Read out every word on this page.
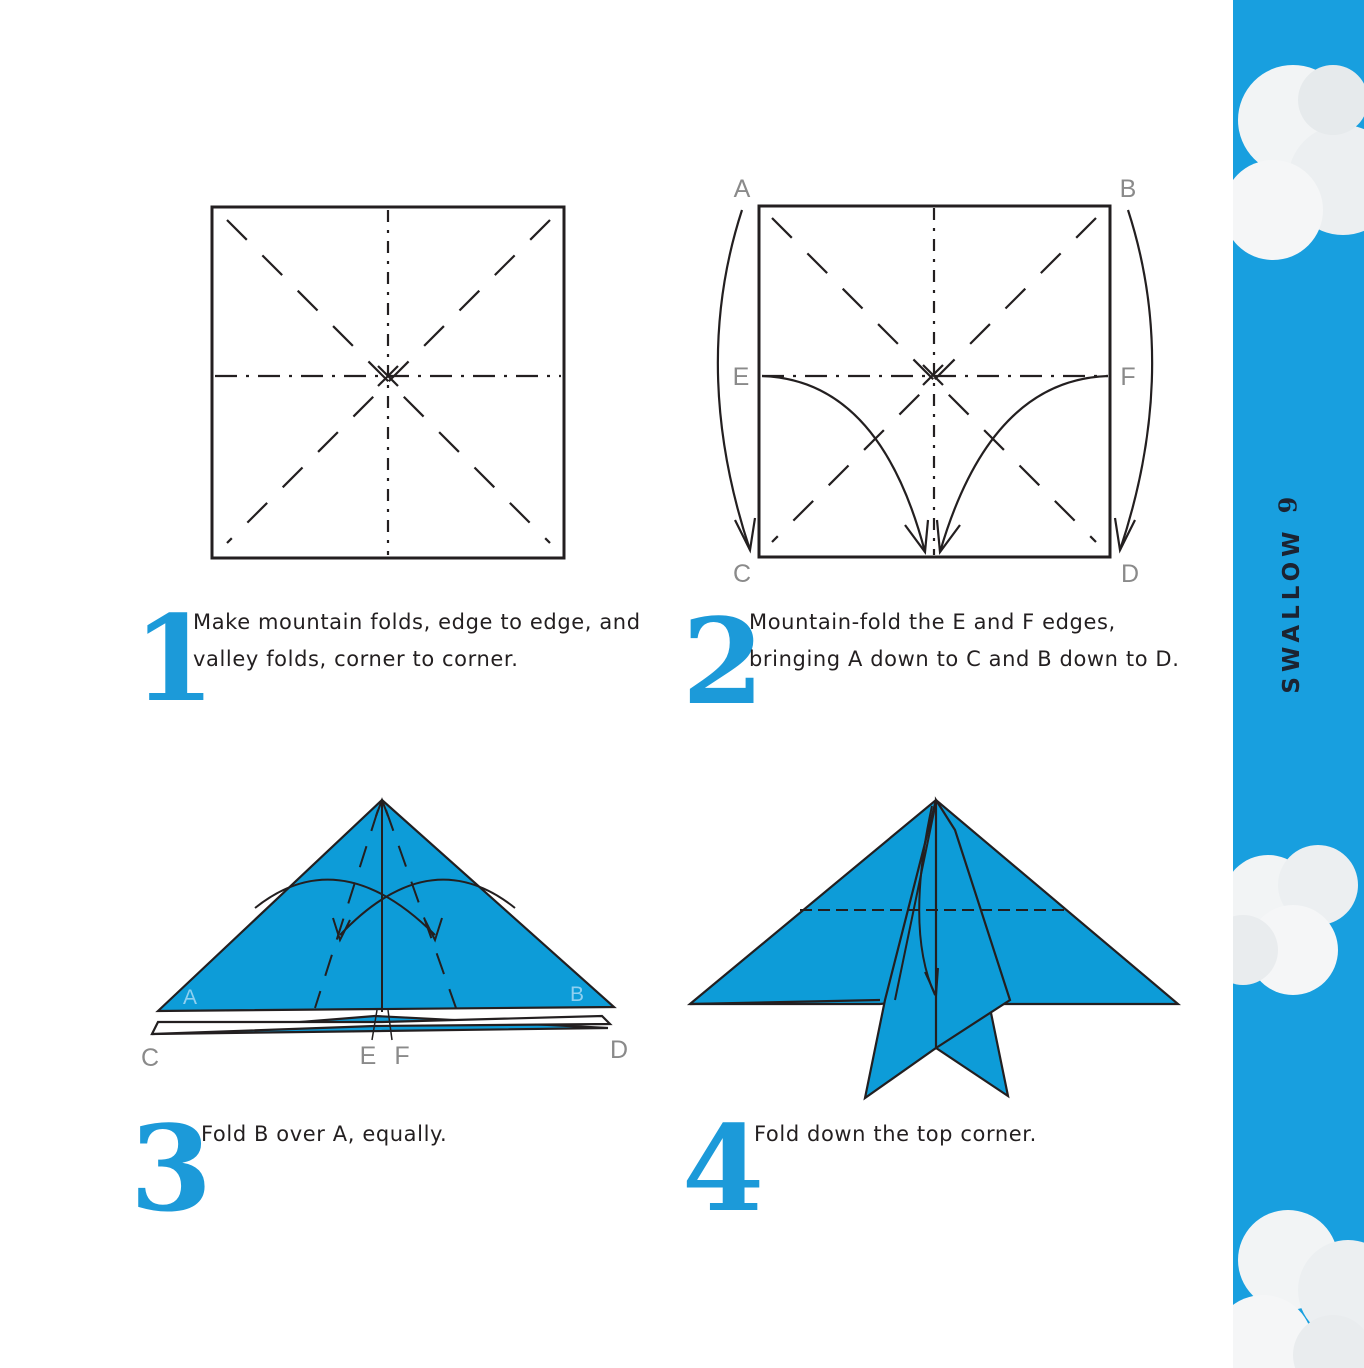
9
SWALLOW
A	B
C	D
E	F
A	B
C	D
E F
1
Make mountain folds, edge to edge, and valley folds, corner to corner.	2
Mountain-fold the E and F edges, bringing A down to C and B down to D.
3
Fold B over A, equally.	4
Fold down the top corner.
